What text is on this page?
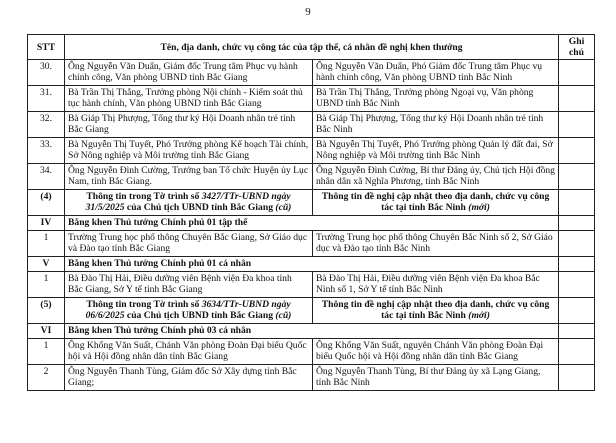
9
STT	Tên, địa danh, chức vụ công tác của tập thể, cá nhân đề nghị khen thưởng		Ghi chú
30.	Ông Nguyễn Văn Duẩn, Giám đốc Trung tâm Phục vụ hành chính công, Văn phòng UBND tỉnh Bắc Giang	Ông Nguyễn Văn Duẩn, Phó Giám đốc Trung tâm Phục vụ hành chính công, Văn phòng UBND tỉnh Bắc Ninh	
31.	Bà Trần Thị Thắng, Trưởng phòng Nội chính - Kiểm soát thủ tục hành chính, Văn phòng UBND tỉnh Bắc Giang	Bà Trần Thị Thắng, Trưởng phòng Ngoại vụ, Văn phòng UBND tỉnh Bắc Ninh	
32.	Bà Giáp Thị Phượng, Tổng thư ký Hội Doanh nhân trẻ tỉnh Bắc Giang	Bà Giáp Thị Phượng, Tổng thư ký Hội Doanh nhân trẻ tỉnh Bắc Ninh	
33.	Bà Nguyễn Thị Tuyết, Phó Trưởng phòng Kế hoạch Tài chính, Sở Nông nghiệp và Môi trường tỉnh Bắc Giang	Bà Nguyễn Thị Tuyết, Phó Trưởng phòng Quản lý đất đai, Sở Nông nghiệp và Môi trường tỉnh Bắc Ninh	
34.	Ông Nguyễn Đình Cường, Trưởng ban Tổ chức Huyện ủy Lục Nam, tỉnh Bắc Giang.	Ông Nguyễn Đình Cường, Bí thư Đảng ủy, Chủ tịch Hội đồng nhân dân xã Nghĩa Phương, tỉnh Bắc Ninh	
(4)	Thông tin trong Tờ trình số 3427/TTr-UBND ngày 31/5/2025 của Chủ tịch UBND tỉnh Bắc Giang (cũ)	Thông tin đề nghị cập nhật theo địa danh, chức vụ công tác tại tỉnh Bắc Ninh (mới)	
IV	Bằng khen Thủ tướng Chính phủ 01 tập thể		
1	Trường Trung học phổ thông Chuyên Bắc Giang, Sở Giáo dục và Đào tạo tỉnh Bắc Giang	Trường Trung học phổ thông Chuyên Bắc Ninh số 2, Sở Giáo dục và Đào tạo tỉnh Bắc Ninh	
V	Bằng khen Thủ tướng Chính phủ 01 cá nhân		
1	Bà Đào Thị Hải, Điều dưỡng viên Bệnh viện Đa khoa tỉnh Bắc Giang, Sở Y tế tỉnh Bắc Giang	Bà Đào Thị Hải, Điều dưỡng viên Bệnh viện Đa khoa Bắc Ninh số 1, Sở Y tế tỉnh Bắc Ninh	
(5)	Thông tin trong Tờ trình số 3634/TTr-UBND ngày 06/6/2025 của Chủ tịch UBND tỉnh Bắc Giang (cũ)	Thông tin đề nghị cập nhật theo địa danh, chức vụ công tác tại tỉnh Bắc Ninh (mới)	
VI	Bằng khen Thủ tướng Chính phủ 03 cá nhân		
1	Ông Khổng Văn Suất, Chánh Văn phòng Đoàn Đại biểu Quốc hội và Hội đồng nhân dân tỉnh Bắc Giang	Ông Khổng Văn Suất, nguyên Chánh Văn phòng Đoàn Đại biểu Quốc hội và Hội đồng nhân dân tỉnh Bắc Giang	
2	Ông Nguyễn Thanh Tùng, Giám đốc Sở Xây dựng tỉnh Bắc Giang;	Ông Nguyễn Thanh Tùng, Bí thư Đảng ủy xã Lạng Giang, tỉnh Bắc Ninh	
